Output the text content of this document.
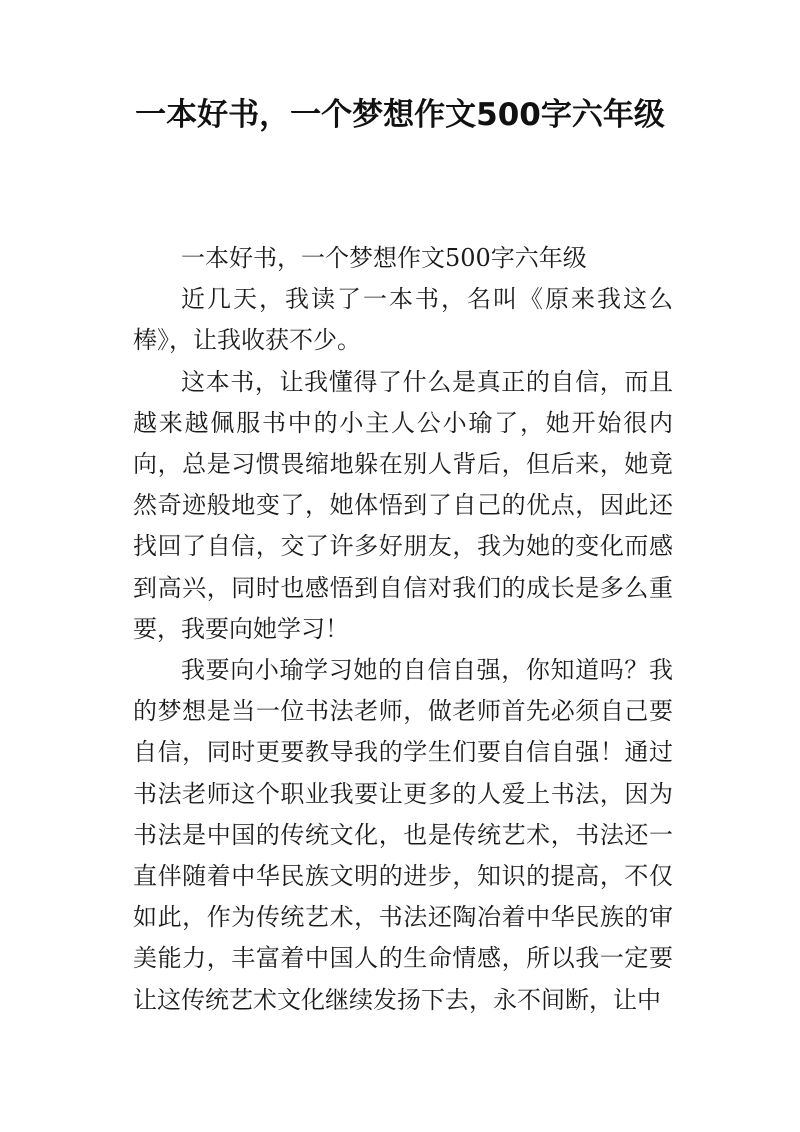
一本好书，一个梦想作文500字六年级

一本好书，一个梦想作文500字六年级

近几天，我读了一本书，名叫《原来我这么棒》，让我收获不少。

这本书，让我懂得了什么是真正的自信，而且越来越佩服书中的小主人公小瑜了，她开始很内向，总是习惯畏缩地躲在别人背后，但后来，她竟然奇迹般地变了，她体悟到了自己的优点，因此还找回了自信，交了许多好朋友，我为她的变化而感到高兴，同时也感悟到自信对我们的成长是多么重要，我要向她学习！

我要向小瑜学习她的自信自强，你知道吗？我的梦想是当一位书法老师，做老师首先必须自己要自信，同时更要教导我的学生们要自信自强！通过书法老师这个职业我要让更多的人爱上书法，因为书法是中国的传统文化，也是传统艺术，书法还一直伴随着中华民族文明的进步，知识的提高，不仅如此，作为传统艺术，书法还陶冶着中华民族的审美能力，丰富着中国人的生命情感，所以我一定要让这传统艺术文化继续发扬下去，永不间断，让中
